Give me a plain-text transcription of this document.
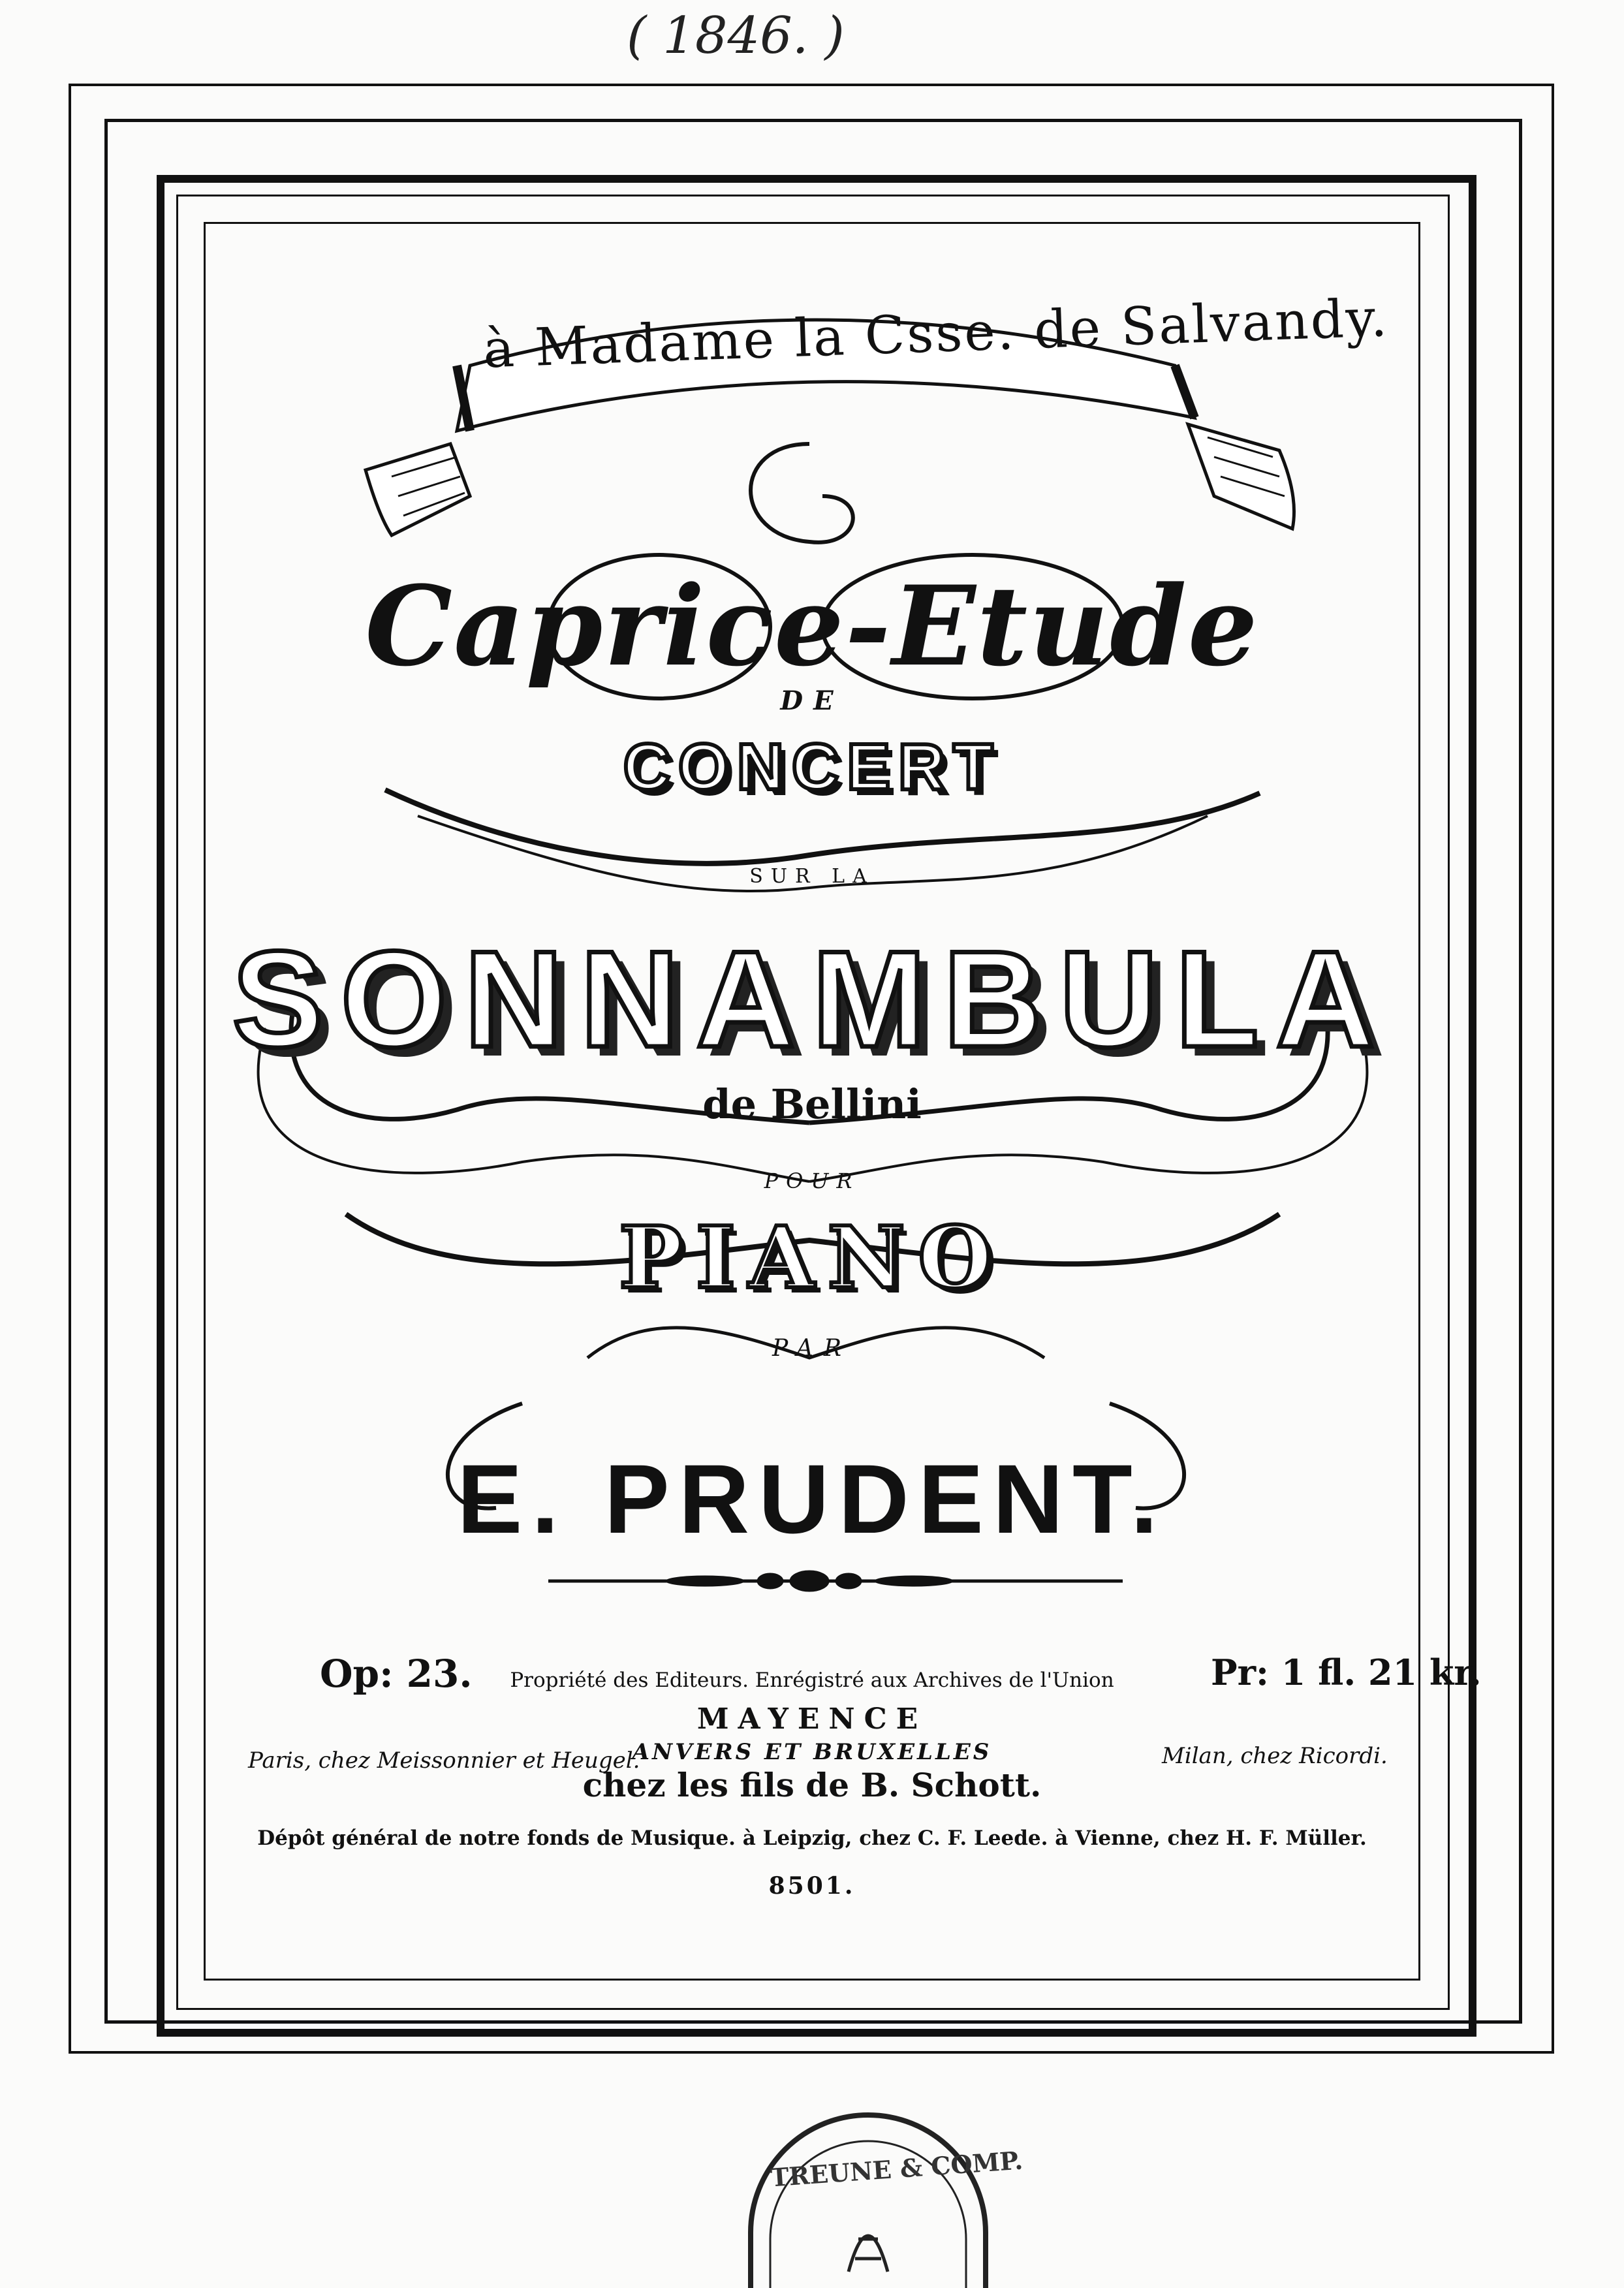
( 1846. )
à Madame la Csse. de Salvandy.
Caprice-Etude
DE
CONCERT
SUR LA
SONNAMBULA
de Bellini
POUR
PIANO
PAR
E. PRUDENT.
Op: 23.	Pr: 1 fl. 21 kr.
Propriété des Editeurs. Enrégistré aux Archives de l'Union
MAYENCE
ANVERS ET BRUXELLES
chez les fils de B. Schott.
Paris, chez Meissonnier et Heugel.	Milan, chez Ricordi.
Dépôt général de notre fonds de Musique. à Leipzig, chez C. F. Leede. à Vienne, chez H. F. Müller.
8501.
TREUNE & COMP.
